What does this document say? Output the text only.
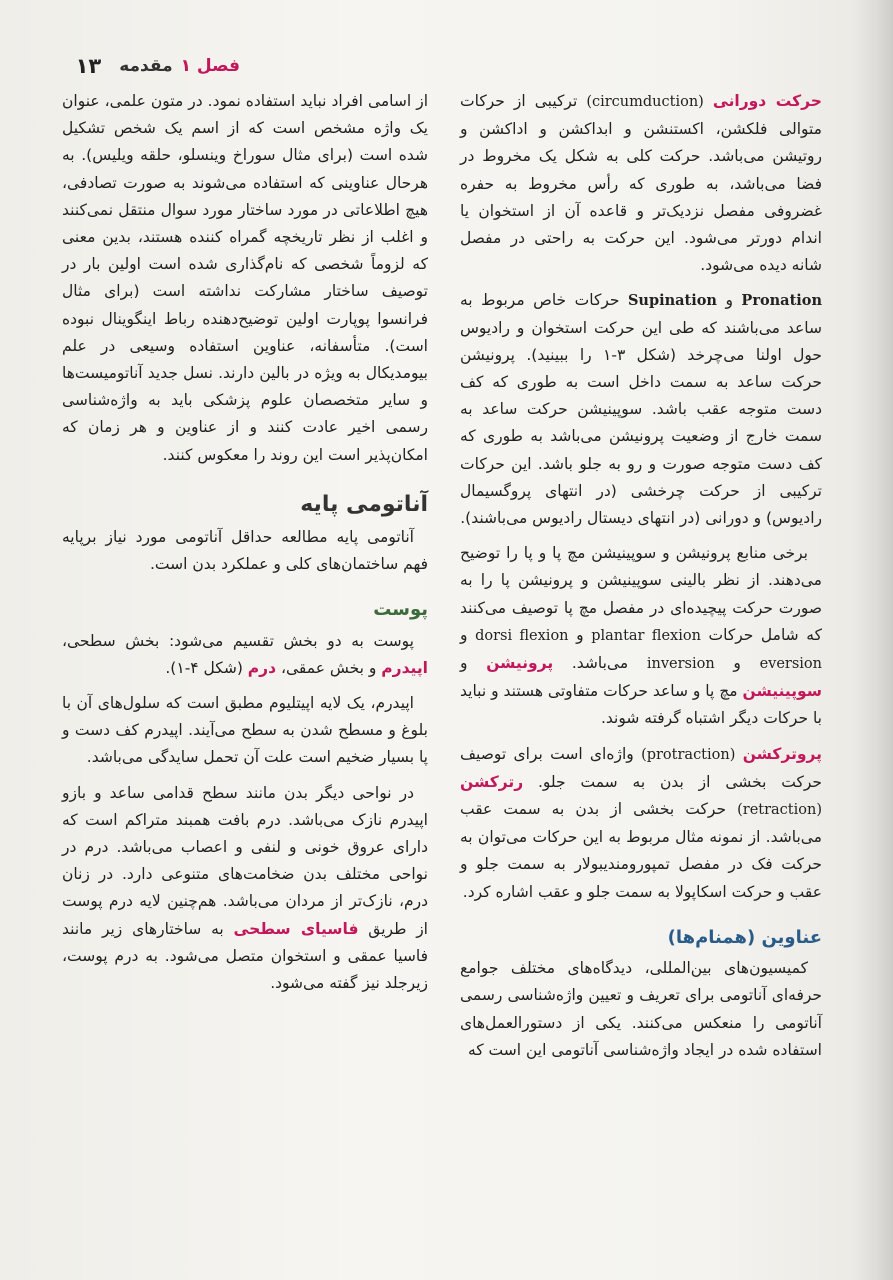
فصل ۱
مقدمه
۱۳

حرکت دورانی (circumduction) ترکیبی از حرکات متوالی فلکشن، اکستنشن و ابداکشن و اداکشن و روتیشن می‌باشد. حرکت کلی به شکل یک مخروط در فضا می‌باشد، به طوری که رأس مخروط به حفره غضروفی مفصل نزدیک‌تر و قاعده آن از استخوان یا اندام دورتر می‌شود. این حرکت به راحتی در مفصل شانه دیده می‌شود.

Pronation و Supination حرکات خاص مربوط به ساعد می‌باشند که طی این حرکت استخوان و رادیوس حول اولنا می‌چرخد (شکل ۳-۱ را ببینید). پرونیشن حرکت ساعد به سمت داخل است به طوری که کف دست متوجه عقب باشد. سوپینیشن حرکت ساعد به سمت خارج از وضعیت پرونیشن می‌باشد به طوری که کف دست متوجه صورت و رو به جلو باشد. این حرکات ترکیبی از حرکت چرخشی (در انتهای پروگسیمال رادیوس) و دورانی (در انتهای دیستال رادیوس می‌باشند).

برخی منابع پرونیشن و سوپینیشن مچ پا و پا را توضیح می‌دهند. از نظر بالینی سوپینیشن و پرونیشن پا را به صورت حرکت پیچیده‌ای در مفصل مچ پا توصیف می‌کنند که شامل حرکات plantar flexion و dorsi flexion و eversion و inversion می‌باشد. پرونیشن و سوپینیشن مچ پا و ساعد حرکات متفاوتی هستند و نباید با حرکات دیگر اشتباه گرفته شوند.

پروترکشن (protraction) واژه‌ای است برای توصیف حرکت بخشی از بدن به سمت جلو. رترکشن (retraction) حرکت بخشی از بدن به سمت عقب می‌باشد. از نمونه مثال مربوط به این حرکات می‌توان به حرکت فک در مفصل تمپورومندیبولار به سمت جلو و عقب و حرکت اسکاپولا به سمت جلو و عقب اشاره کرد.

عناوین (همنام‌ها)

کمیسیون‌های بین‌المللی، دیدگاه‌های مختلف جوامع حرفه‌ای آناتومی برای تعریف و تعیین واژه‌شناسی رسمی آناتومی را منعکس می‌کنند. یکی از دستورالعمل‌های استفاده شده در ایجاد واژه‌شناسی آناتومی این است که

از اسامی افراد نباید استفاده نمود. در متون علمی، عنوان یک واژه مشخص است که از اسم یک شخص تشکیل شده است (برای مثال سوراخ وینسلو، حلقه ویلیس). به هرحال عناوینی که استفاده می‌شوند به صورت تصادفی، هیچ اطلاعاتی در مورد ساختار مورد سوال منتقل نمی‌کنند و اغلب از نظر تاریخچه گمراه کننده هستند، بدین معنی که لزوماً شخصی که نام‌گذاری شده است اولین بار در توصیف ساختار مشارکت نداشته است (برای مثال فرانسوا پوپارت اولین توضیح‌دهنده رباط اینگوینال نبوده است). متأسفانه، عناوین استفاده وسیعی در علم بیومدیکال به ویژه در بالین دارند. نسل جدید آناتومیست‌ها و سایر متخصصان علوم پزشکی باید به واژه‌شناسی رسمی اخیر عادت کنند و از عناوین و هر زمان که امکان‌پذیر است این روند را معکوس کنند.

آناتومی پایه

آناتومی پایه مطالعه حداقل آناتومی مورد نیاز برپایه فهم ساختمان‌های کلی و عملکرد بدن است.

پوست

پوست به دو بخش تقسیم می‌شود: بخش سطحی، اپیدرم و بخش عمقی، درم (شکل ۴-۱).

اپیدرم، یک لایه اپیتلیوم مطبق است که سلول‌های آن با بلوغ و مسطح شدن به سطح می‌آیند. اپیدرم کف دست و پا بسیار ضخیم است علت آن تحمل سایدگی می‌باشد.

در نواحی دیگر بدن مانند سطح قدامی ساعد و بازو اپیدرم نازک می‌باشد. درم بافت همبند متراکم است که دارای عروق خونی و لنفی و اعصاب می‌باشد. درم در نواحی مختلف بدن ضخامت‌های متنوعی دارد. در زنان درم، نازک‌تر از مردان می‌باشد. هم‌چنین لایه درم پوست از طریق فاسیای سطحی به ساختارهای زیر مانند فاسیا عمقی و استخوان متصل می‌شود. به درم پوست، زیرجلد نیز گفته می‌شود.
